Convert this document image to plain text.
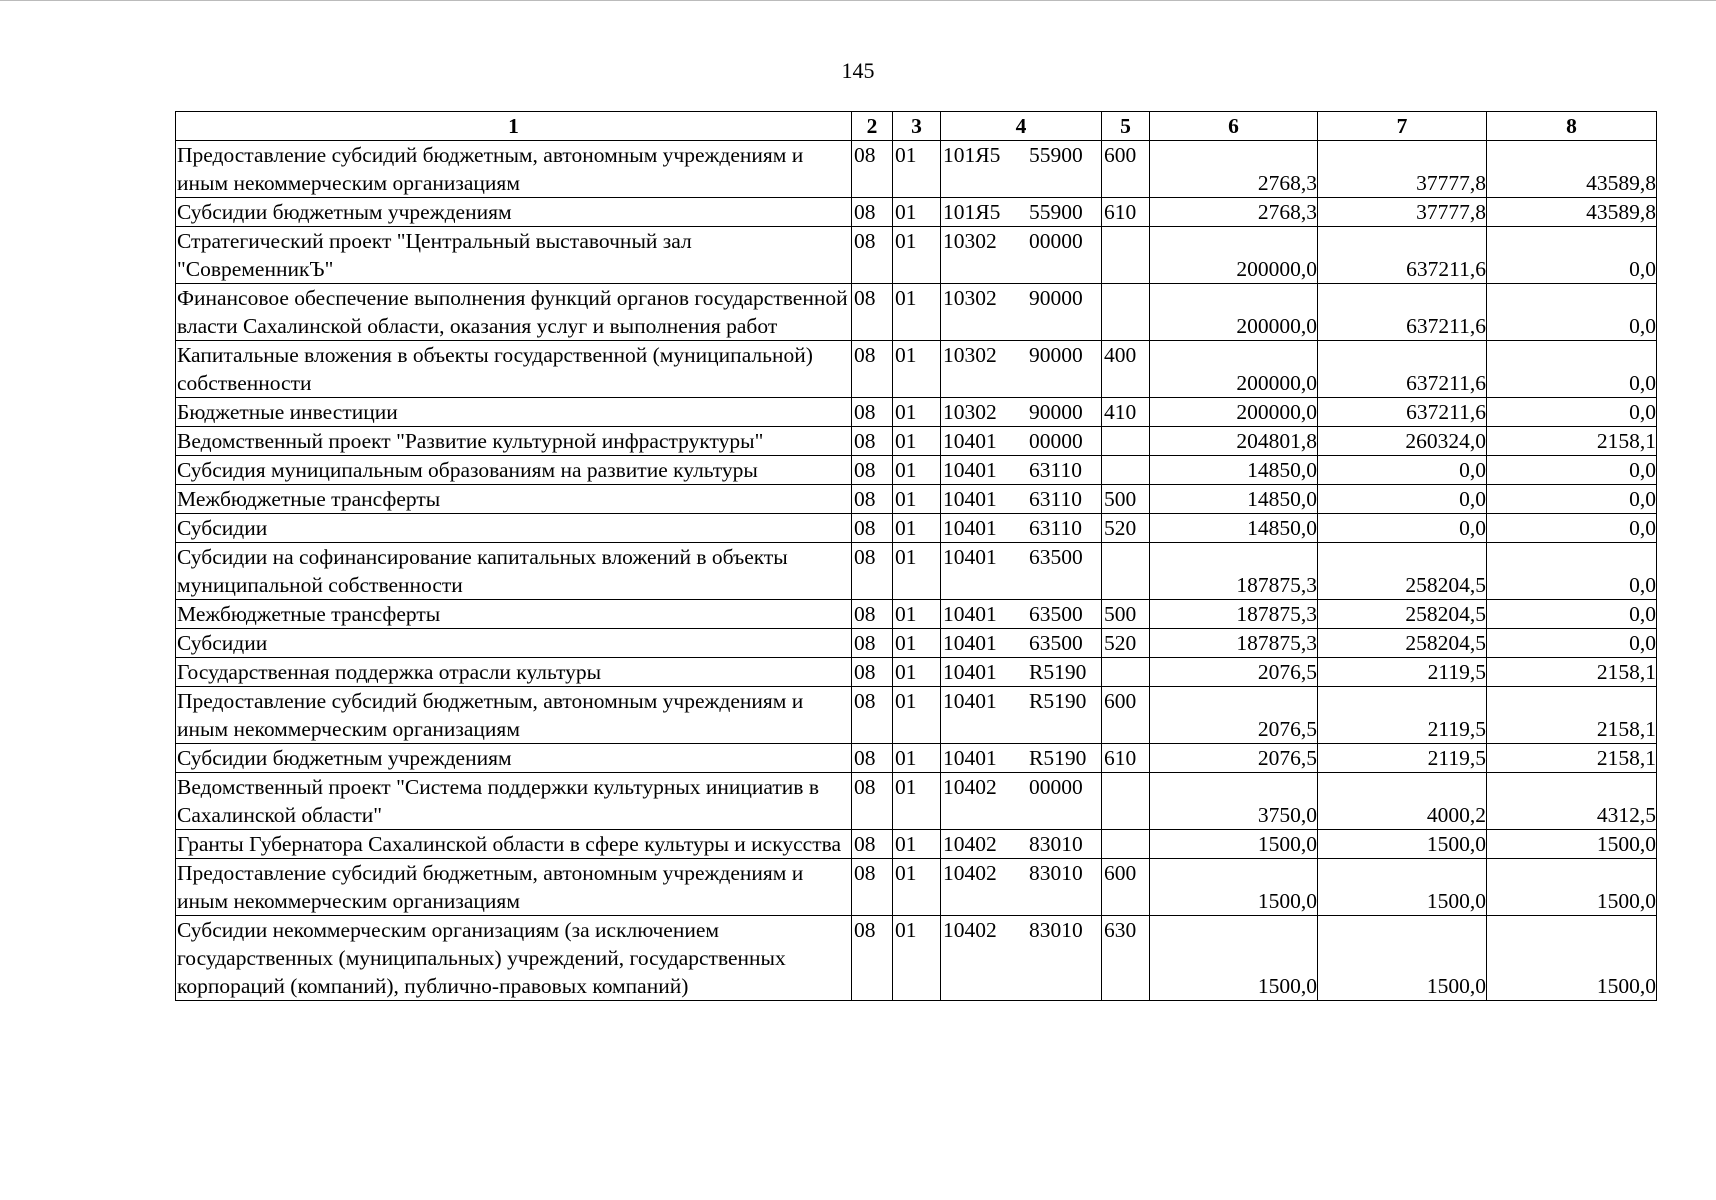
145
1	2	3	4	5	6	7	8
Предоставление субсидий бюджетным, автономным учреждениям и иным некоммерческим организациям	08	01	101Я5 55900	600	2768,3	37777,8	43589,8
Субсидии бюджетным учреждениям	08	01	101Я5 55900	610	2768,3	37777,8	43589,8
Стратегический проект "Центральный выставочный зал "СовременникЪ"	08	01	10302 00000		200000,0	637211,6	0,0
Финансовое обеспечение выполнения функций органов государственной власти Сахалинской области, оказания услуг и выполнения работ	08	01	10302 90000		200000,0	637211,6	0,0
Капитальные вложения в объекты государственной (муниципальной) собственности	08	01	10302 90000	400	200000,0	637211,6	0,0
Бюджетные инвестиции	08	01	10302 90000	410	200000,0	637211,6	0,0
Ведомственный проект "Развитие культурной инфраструктуры"	08	01	10401 00000		204801,8	260324,0	2158,1
Субсидия муниципальным образованиям на развитие культуры	08	01	10401 63110		14850,0	0,0	0,0
Межбюджетные трансферты	08	01	10401 63110	500	14850,0	0,0	0,0
Субсидии	08	01	10401 63110	520	14850,0	0,0	0,0
Субсидии на софинансирование капитальных вложений в объекты муниципальной собственности	08	01	10401 63500		187875,3	258204,5	0,0
Межбюджетные трансферты	08	01	10401 63500	500	187875,3	258204,5	0,0
Субсидии	08	01	10401 63500	520	187875,3	258204,5	0,0
Государственная поддержка отрасли культуры	08	01	10401 R5190		2076,5	2119,5	2158,1
Предоставление субсидий бюджетным, автономным учреждениям и иным некоммерческим организациям	08	01	10401 R5190	600	2076,5	2119,5	2158,1
Субсидии бюджетным учреждениям	08	01	10401 R5190	610	2076,5	2119,5	2158,1
Ведомственный проект "Система поддержки культурных инициатив в Сахалинской области"	08	01	10402 00000		3750,0	4000,2	4312,5
Гранты Губернатора Сахалинской области в сфере культуры и искусства	08	01	10402 83010		1500,0	1500,0	1500,0
Предоставление субсидий бюджетным, автономным учреждениям и иным некоммерческим организациям	08	01	10402 83010	600	1500,0	1500,0	1500,0
Субсидии некоммерческим организациям (за исключением государственных (муниципальных) учреждений, государственных корпораций (компаний), публично-правовых компаний)	08	01	10402 83010	630	1500,0	1500,0	1500,0
